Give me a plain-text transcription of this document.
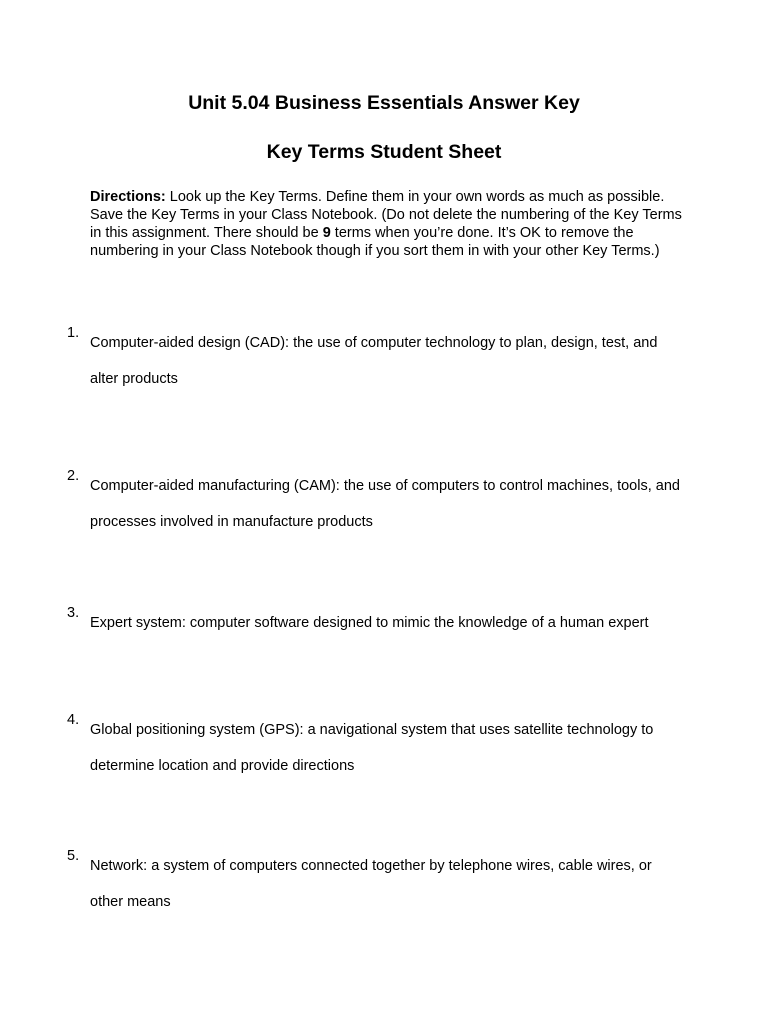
Unit 5.04 Business Essentials Answer Key
Key Terms Student Sheet
Directions: Look up the Key Terms. Define them in your own words as much as possible. Save the Key Terms in your Class Notebook. (Do not delete the numbering of the Key Terms in this assignment. There should be 9 terms when you’re done. It’s OK to remove the numbering in your Class Notebook though if you sort them in with your other Key Terms.)
1.
Computer-aided design (CAD): the use of computer technology to plan, design, test, and alter products
2.
Computer-aided manufacturing (CAM): the use of computers to control machines, tools, and processes involved in manufacture products
3.
Expert system: computer software designed to mimic the knowledge of a human expert
4.
Global positioning system (GPS): a navigational system that uses satellite technology to determine location and provide directions
5.
Network: a system of computers connected together by telephone wires, cable wires, or other means
